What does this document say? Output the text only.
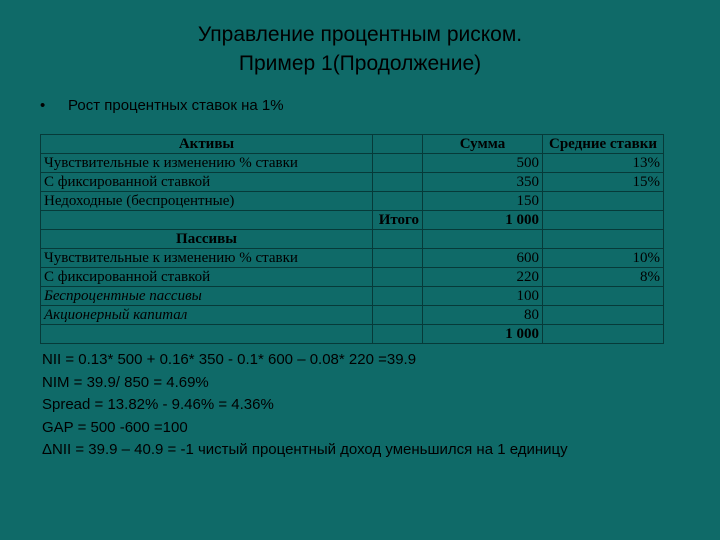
Управление процентным риском.
Пример 1(Продолжение)
• Рост процентных ставок на 1%
Активы		Сумма	Средние ставки
Чувствительные к изменению % ставки		500	13%
С фиксированной ставкой		350	15%
Недоходные (беспроцентные)		150	
	Итого	1 000	
Пассивы			
Чувствительные к изменению % ставки		600	10%
С фиксированной ставкой		220	8%
Беспроцентные пассивы		100	
Акционерный капитал		80	
		1 000	
NII = 0.13* 500 + 0.16* 350 - 0.1* 600 – 0.08* 220 =39.9
NIM = 39.9/ 850 = 4.69%
Spread = 13.82% - 9.46% = 4.36%
GAP = 500 -600 =100
ΔNII = 39.9 – 40.9 = -1 чистый процентный доход уменьшился на 1 единицу
